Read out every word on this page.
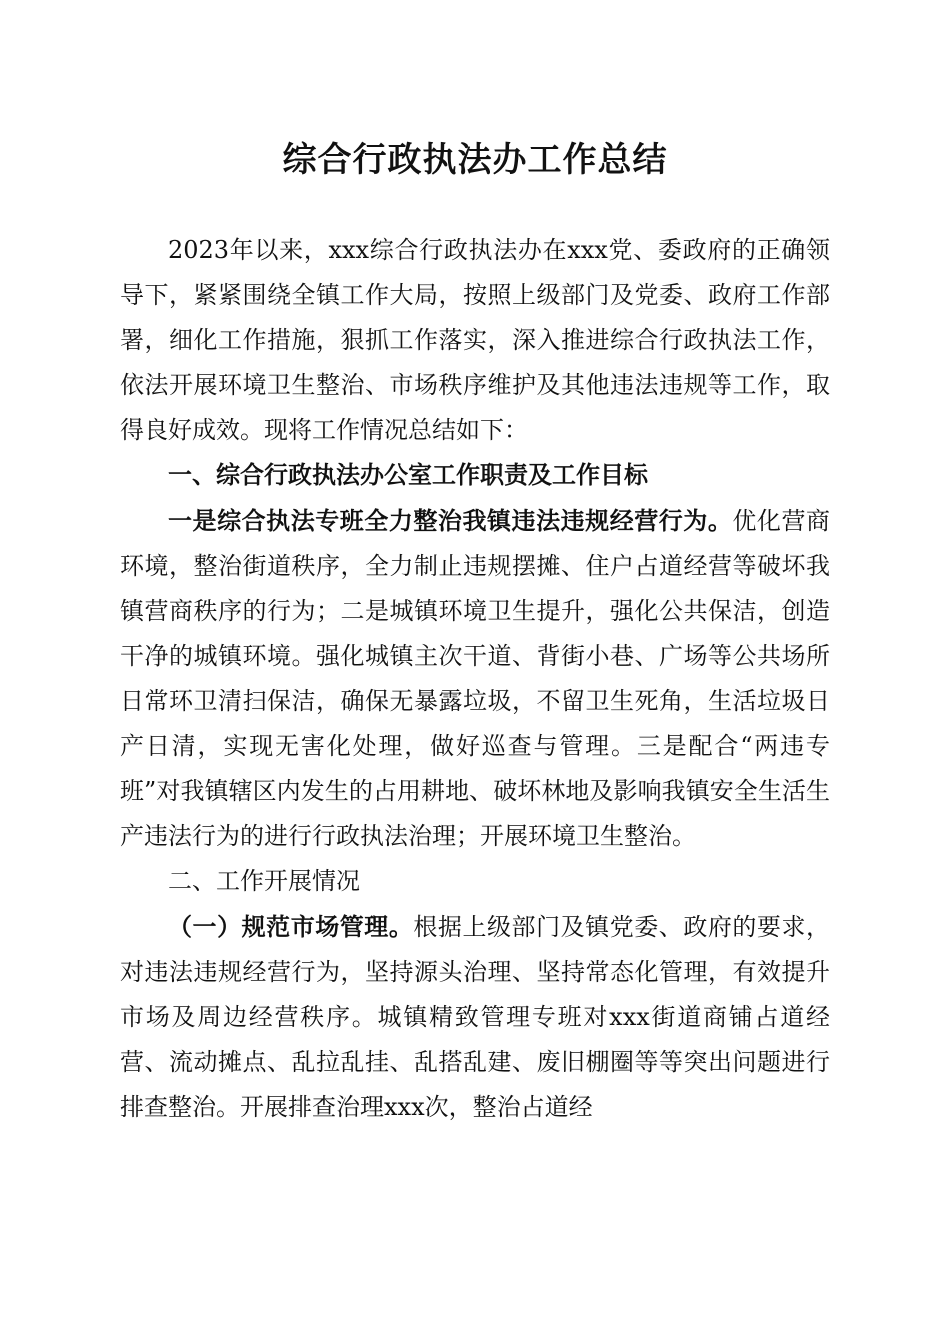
综合行政执法办工作总结

2023年以来，xxx综合行政执法办在xxx党、委政府的正确领导下，紧紧围绕全镇工作大局，按照上级部门及党委、政府工作部署，细化工作措施，狠抓工作落实，深入推进综合行政执法工作，依法开展环境卫生整治、市场秩序维护及其他违法违规等工作，取得良好成效。现将工作情况总结如下：

一、综合行政执法办公室工作职责及工作目标

一是综合执法专班全力整治我镇违法违规经营行为。优化营商环境，整治街道秩序，全力制止违规摆摊、住户占道经营等破坏我镇营商秩序的行为；二是城镇环境卫生提升，强化公共保洁，创造干净的城镇环境。强化城镇主次干道、背街小巷、广场等公共场所日常环卫清扫保洁，确保无暴露垃圾，不留卫生死角，生活垃圾日产日清，实现无害化处理，做好巡查与管理。三是配合“两违专班”对我镇辖区内发生的占用耕地、破坏林地及影响我镇安全生活生产违法行为的进行行政执法治理；开展环境卫生整治。

二、工作开展情况

（一）规范市场管理。根据上级部门及镇党委、政府的要求，对违法违规经营行为，坚持源头治理、坚持常态化管理，有效提升市场及周边经营秩序。城镇精致管理专班对xxx街道商铺占道经营、流动摊点、乱拉乱挂、乱搭乱建、废旧棚圈等等突出问题进行排查整治。开展排查治理xxx次，整治占道经
